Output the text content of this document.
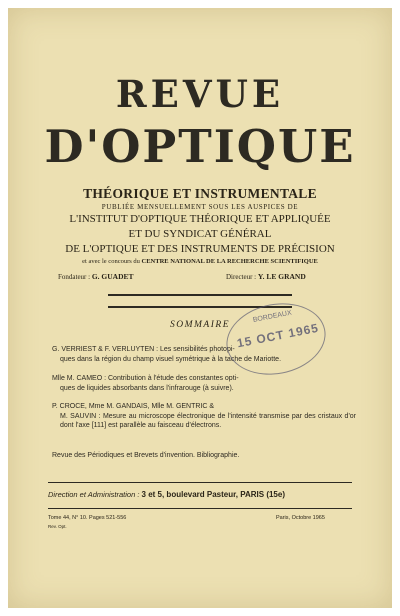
REVUE
D'OPTIQUE
THÉORIQUE ET INSTRUMENTALE
PUBLIÉE MENSUELLEMENT SOUS LES AUSPICES DE
L'INSTITUT D'OPTIQUE THÉORIQUE ET APPLIQUÉE
ET DU SYNDICAT GÉNÉRAL
DE L'OPTIQUE ET DES INSTRUMENTS DE PRÉCISION
et avec le concours du CENTRE NATIONAL DE LA RECHERCHE SCIENTIFIQUE
Fondateur : G. GUADET	Directeur : Y. LE GRAND
SOMMAIRE
G. VERRIEST & F. VERLUYTEN : Les sensibilités photopi-
ques dans la région du champ visuel symétrique à la tache de Mariotte.
Mlle M. CAMEO : Contribution à l'étude des constantes opti-
ques de liquides absorbants dans l'infrarouge (à suivre).
P. CROCE, Mme M. GANDAIS, Mlle M. GENTRIC &
M. SAUVIN : Mesure au microscope électronique de l'intensité transmise par des cristaux d'or dont l'axe [111] est parallèle au faisceau d'électrons.
Revue des Périodiques et Brevets d'invention. Bibliographie.
Direction et Administration : 3 et 5, boulevard Pasteur, PARIS (15e)
Tome 44, N° 10. Pages 521-556
Rev. Opt.
Paris, Octobre 1965
BORDEAUX
15 OCT 1965
